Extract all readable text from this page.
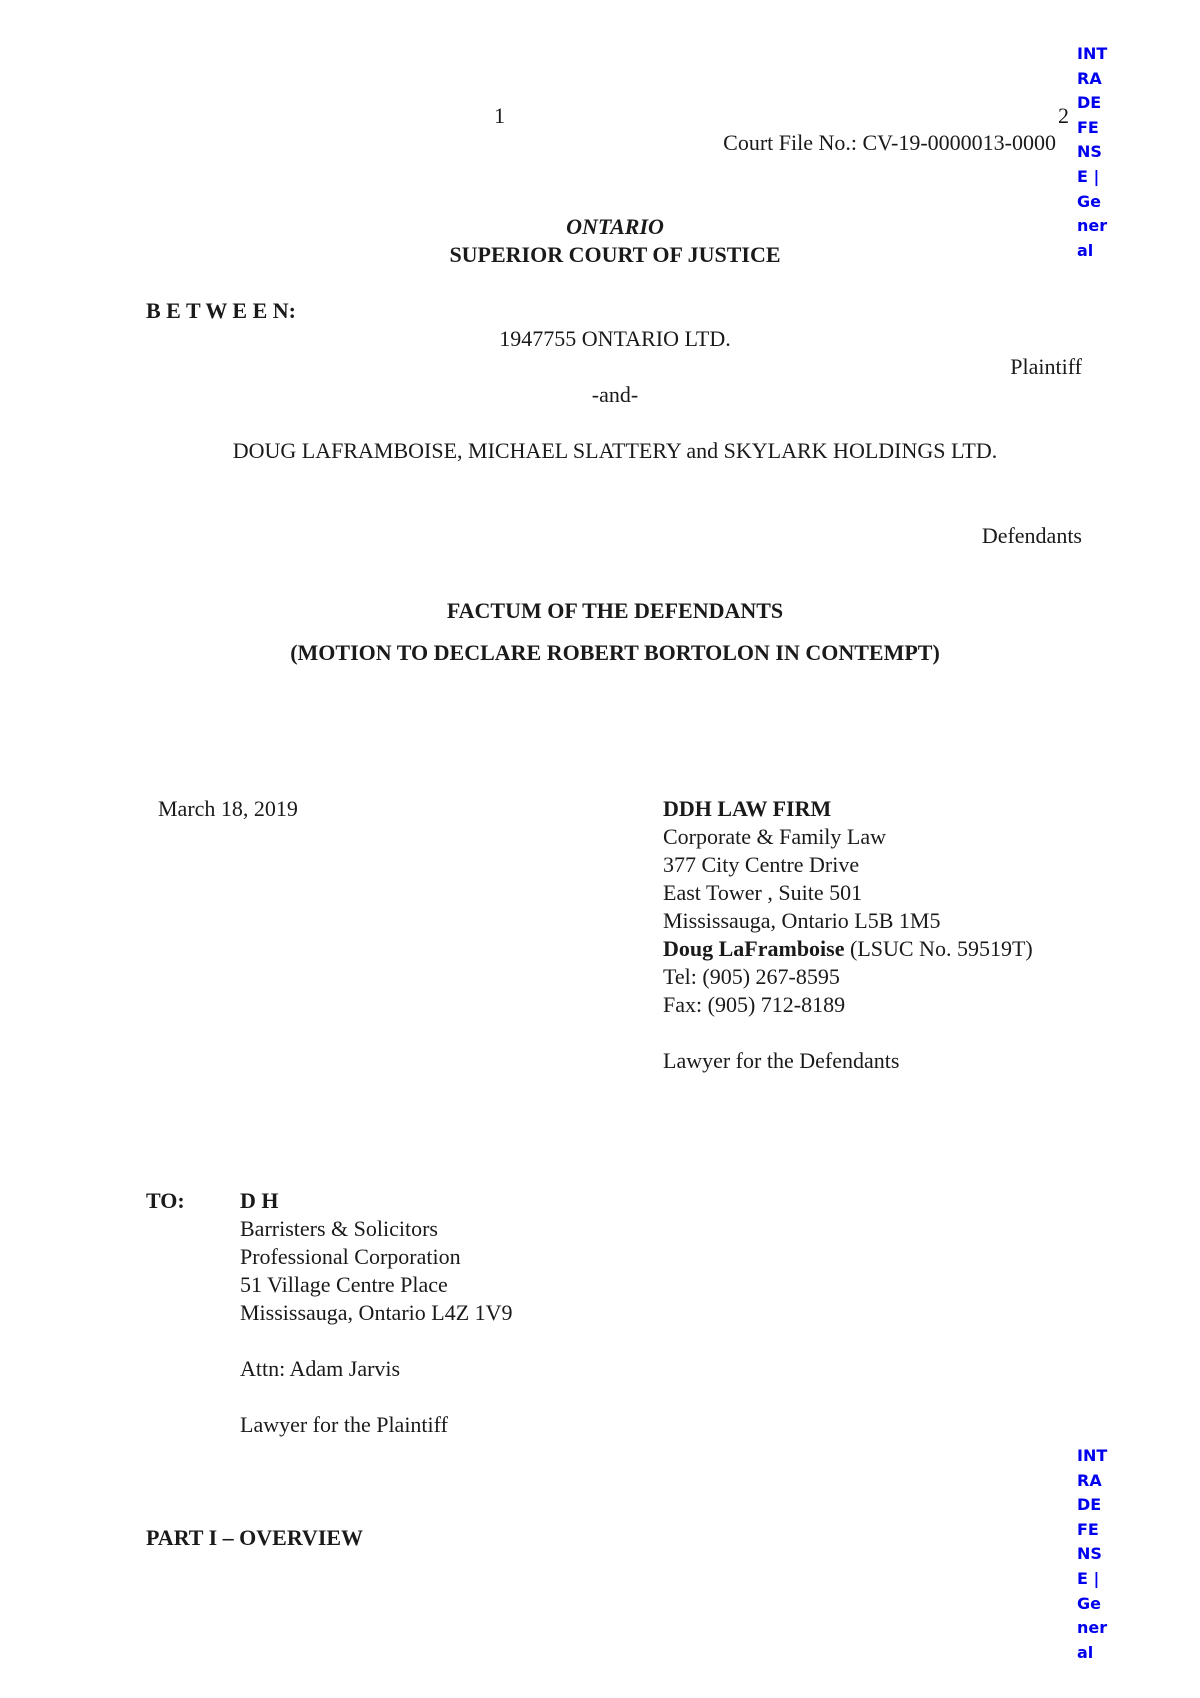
INT
RA
DE
FE
NS
E |
Ge
ner
al
1	2
Court File No.: CV-19-0000013-0000
ONTARIO
SUPERIOR COURT OF JUSTICE
B E T W E E N:
1947755 ONTARIO LTD.
Plaintiff
-and-
DOUG LAFRAMBOISE, MICHAEL SLATTERY and SKYLARK HOLDINGS LTD.
Defendants
FACTUM OF THE DEFENDANTS
(MOTION TO DECLARE ROBERT BORTOLON IN CONTEMPT)
March 18, 2019	DDH LAW FIRM
Corporate & Family Law
377 City Centre Drive
East Tower , Suite 501
Mississauga, Ontario L5B 1M5
Doug LaFramboise (LSUC No. 59519T)
Tel: (905) 267-8595
Fax: (905) 712-8189
Lawyer for the Defendants
TO:	D H
Barristers & Solicitors
Professional Corporation
51 Village Centre Place
Mississauga, Ontario L4Z 1V9
Attn: Adam Jarvis
Lawyer for the Plaintiff
INT
RA
DE
FE
NS
E |
Ge
ner
al
PART I – OVERVIEW
